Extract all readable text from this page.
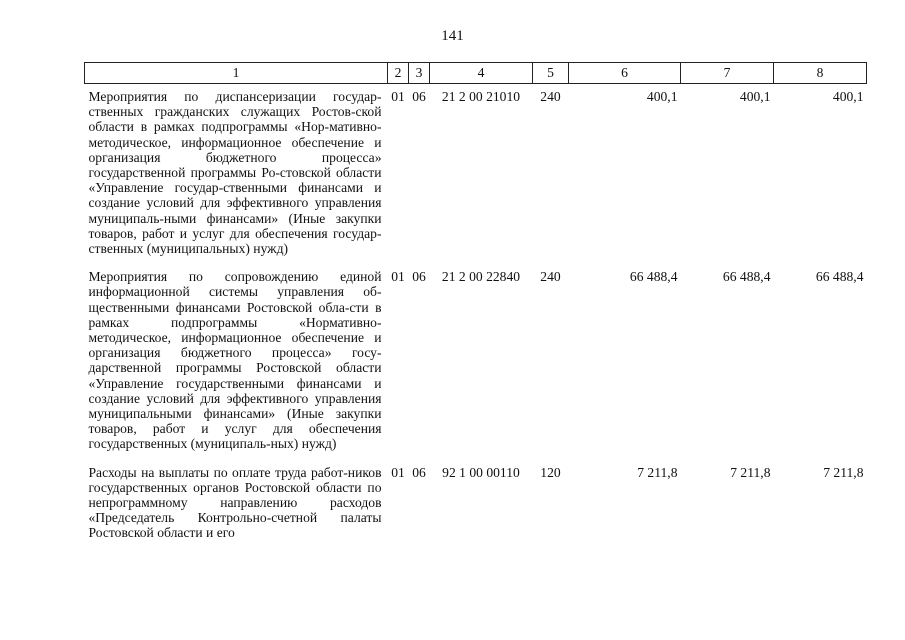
141
1	2	3	4	5	6	7	8
Мероприятия по диспансеризации государ-ственных гражданских служащих Ростов-ской области в рамках подпрограммы «Нор-мативно-методическое, информационное обеспечение и организация бюджетного процесса» государственной программы Ро-стовской области «Управление государ-ственными финансами и создание условий для эффективного управления муниципаль-ными финансами» (Иные закупки товаров, работ и услуг для обеспечения государ-ственных (муниципальных) нужд)	01	06	21 2 00 21010	240	400,1	400,1	400,1
Мероприятия по сопровождению единой информационной системы управления об-щественными финансами Ростовской обла-сти в рамках подпрограммы «Нормативно-методическое, информационное обеспечение и организация бюджетного процесса» госу-дарственной программы Ростовской области «Управление государственными финансами и создание условий для эффективного управления муниципальными финансами» (Иные закупки товаров, работ и услуг для обеспечения государственных (муниципаль-ных) нужд)	01	06	21 2 00 22840	240	66 488,4	66 488,4	66 488,4
Расходы на выплаты по оплате труда работ-ников государственных органов Ростовской области по непрограммному направлению расходов «Председатель Контрольно-счетной палаты Ростовской области и его	01	06	92 1 00 00110	120	7 211,8	7 211,8	7 211,8
